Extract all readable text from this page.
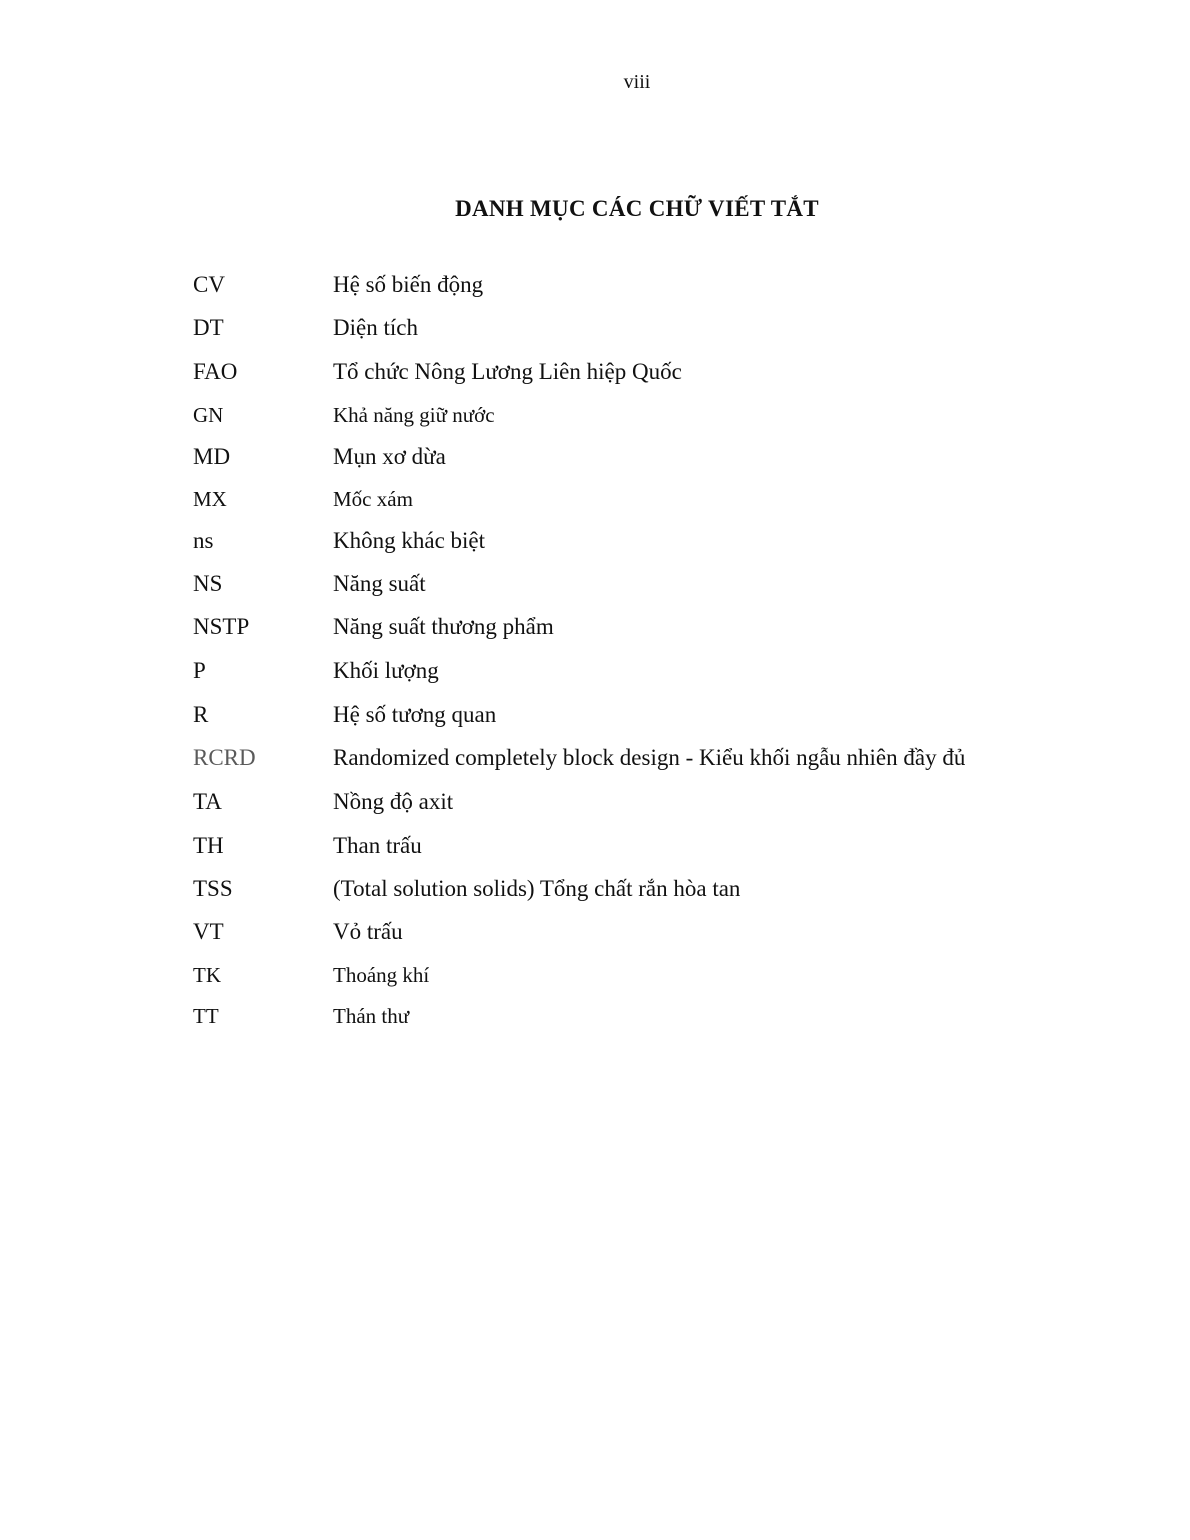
viii
DANH MỤC CÁC CHỮ VIẾT TẮT
CV	Hệ số biến động
DT	Diện tích
FAO	Tổ chức Nông Lương Liên hiệp Quốc
GN	Khả năng giữ nước
MD	Mụn xơ dừa
MX	Mốc xám
ns	Không khác biệt
NS	Năng suất
NSTP	Năng suất thương phẩm
P	Khối lượng
R	Hệ số tương quan
RCRD	Randomized completely block design - Kiểu khối ngẫu nhiên đầy đủ
TA	Nồng độ axit
TH	Than trấu
TSS	(Total solution solids) Tổng chất rắn hòa tan
VT	Vỏ trấu
TK	Thoáng khí
TT	Thán thư
